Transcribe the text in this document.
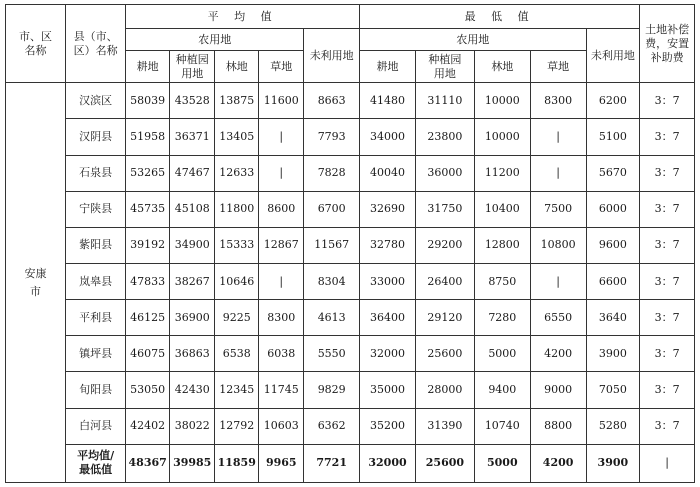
市、区名称	县（市、区）名称	平 均 值					最 低 值					土地补偿费，安置补助费
		农用地				未利用地	农用地				未利用地	
		耕地	种植园用地	林地	草地		耕地	种植园用地	林地	草地		
安康市	汉滨区	58039	43528	13875	11600	8663	41480	31110	10000	8300	6200	3：7
	汉阴县	51958	36371	13405	|	7793	34000	23800	10000	|	5100	3：7
	石泉县	53265	47467	12633	|	7828	40040	36000	11200	|	5670	3：7
	宁陕县	45735	45108	11800	8600	6700	32690	31750	10400	7500	6000	3：7
	紫阳县	39192	34900	15333	12867	11567	32780	29200	12800	10800	9600	3：7
	岚皋县	47833	38267	10646	|	8304	33000	26400	8750	|	6600	3：7
	平利县	46125	36900	9225	8300	4613	36400	29120	7280	6550	3640	3：7
	镇坪县	46075	36863	6538	6038	5550	32000	25600	5000	4200	3900	3：7
	旬阳县	53050	42430	12345	11745	9829	35000	28000	9400	9000	7050	3：7
	白河县	42402	38022	12792	10603	6362	35200	31390	10740	8800	5280	3：7
	平均值/最低值	48367	39985	11859	9965	7721	32000	25600	5000	4200	3900	|
